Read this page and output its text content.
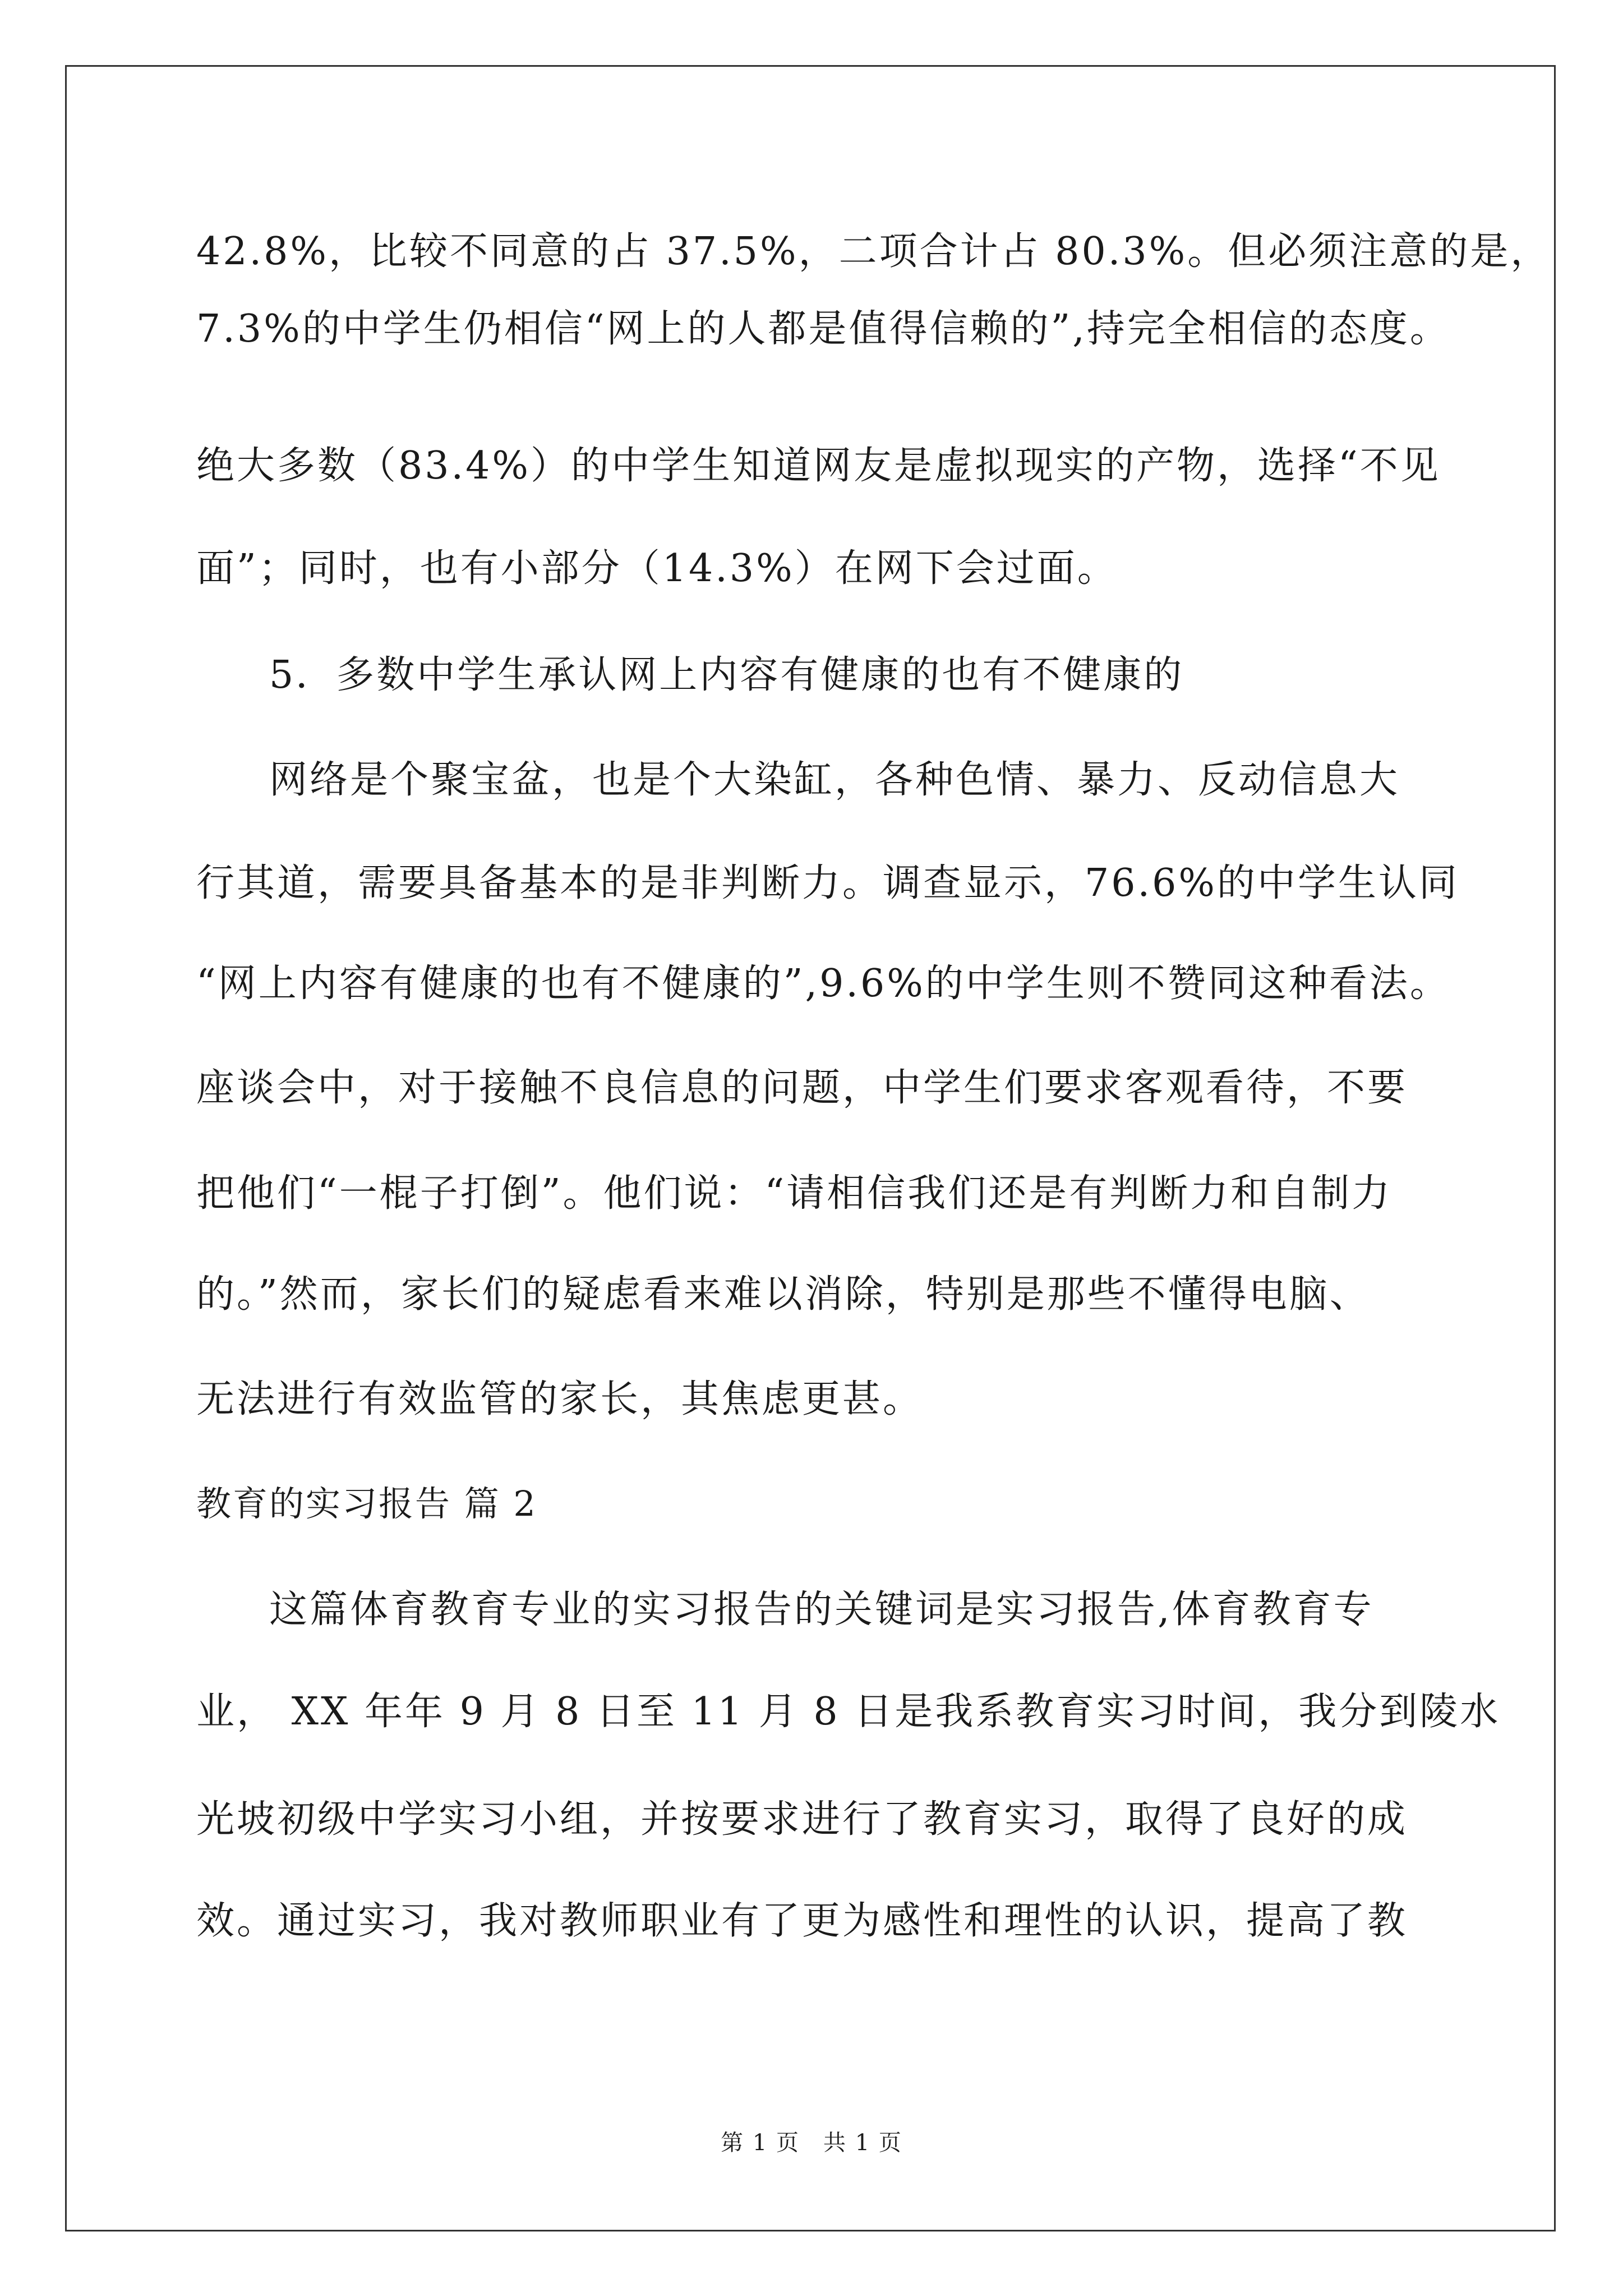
42.8%，比较不同意的占 37.5%，二项合计占 80.3%。但必须注意的是，
7.3%的中学生仍相信“网上的人都是值得信赖的”,持完全相信的态度。
绝大多数（83.4%）的中学生知道网友是虚拟现实的产物，选择“不见
面”；同时，也有小部分（14.3%）在网下会过面。
5．多数中学生承认网上内容有健康的也有不健康的
网络是个聚宝盆，也是个大染缸，各种色情、暴力、反动信息大
行其道，需要具备基本的是非判断力。调查显示，76.6%的中学生认同
“网上内容有健康的也有不健康的”,9.6%的中学生则不赞同这种看法。
座谈会中，对于接触不良信息的问题，中学生们要求客观看待，不要
把他们“一棍子打倒”。他们说：“请相信我们还是有判断力和自制力
的。”然而，家长们的疑虑看来难以消除，特别是那些不懂得电脑、
无法进行有效监管的家长，其焦虑更甚。
教育的实习报告 篇 2
这篇体育教育专业的实习报告的关键词是实习报告,体育教育专
业， XX 年年 9 月 8 日至 11 月 8 日是我系教育实习时间，我分到陵水
光坡初级中学实习小组，并按要求进行了教育实习，取得了良好的成
效。通过实习，我对教师职业有了更为感性和理性的认识，提高了教
第 1 页　共 1 页
